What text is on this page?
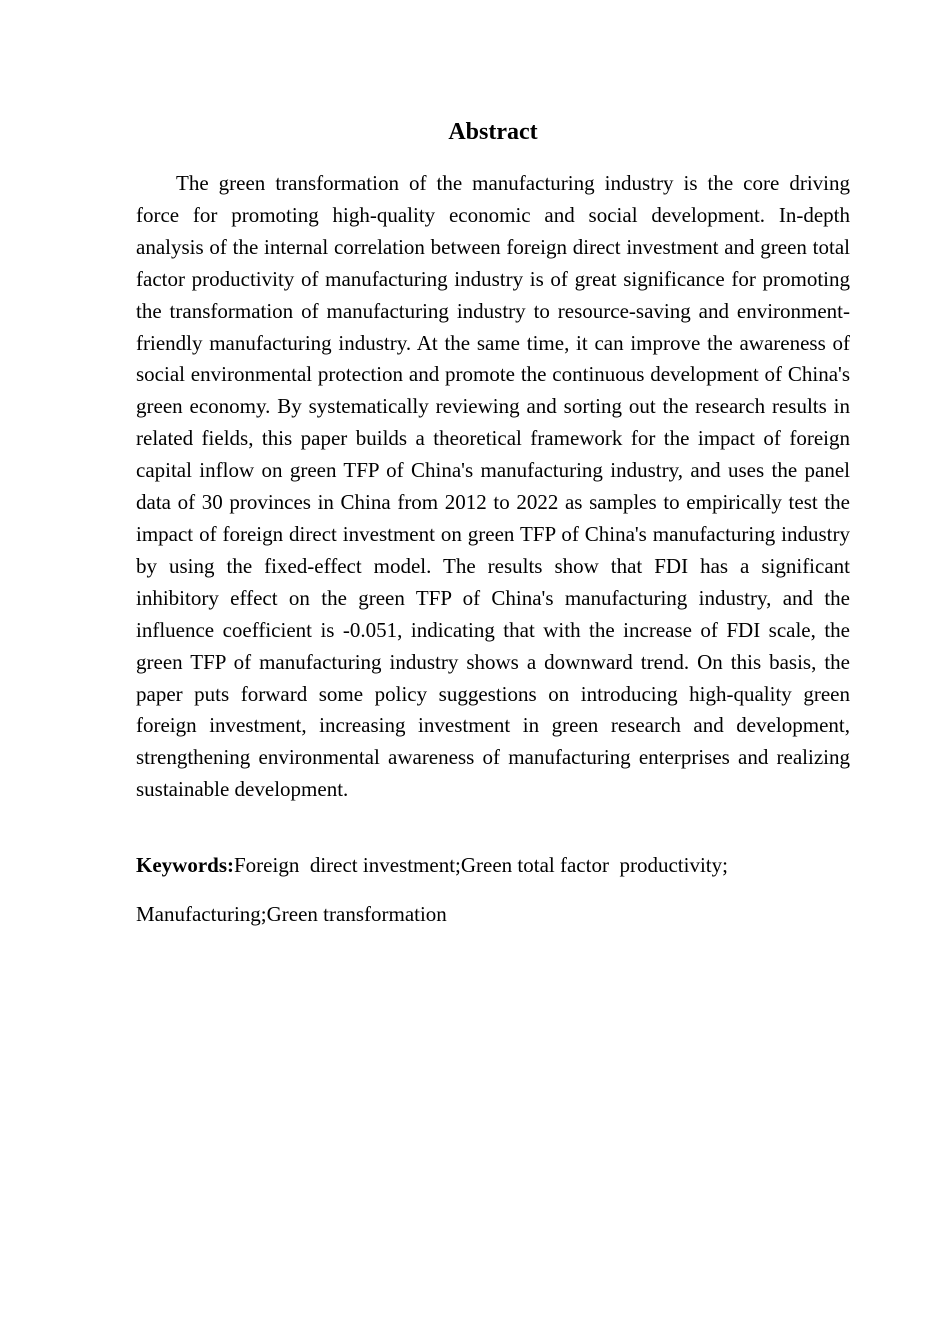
Abstract

The green transformation of the manufacturing industry is the core driving force for promoting high-quality economic and social development. In-depth analysis of the internal correlation between foreign direct investment and green total factor productivity of manufacturing industry is of great significance for promoting the transformation of manufacturing industry to resource-saving and environment-friendly manufacturing industry. At the same time, it can improve the awareness of social environmental protection and promote the continuous development of China's green economy. By systematically reviewing and sorting out the research results in related fields, this paper builds a theoretical framework for the impact of foreign capital inflow on green TFP of China's manufacturing industry, and uses the panel data of 30 provinces in China from 2012 to 2022 as samples to empirically test the impact of foreign direct investment on green TFP of China's manufacturing industry by using the fixed-effect model. The results show that FDI has a significant inhibitory effect on the green TFP of China's manufacturing industry, and the influence coefficient is -0.051, indicating that with the increase of FDI scale, the green TFP of manufacturing industry shows a downward trend. On this basis, the paper puts forward some policy suggestions on introducing high-quality green foreign investment, increasing investment in green research and development, strengthening environmental awareness of manufacturing enterprises and realizing sustainable development.

Keywords:Foreign  direct investment;Green total factor  productivity; Manufacturing;Green transformation
